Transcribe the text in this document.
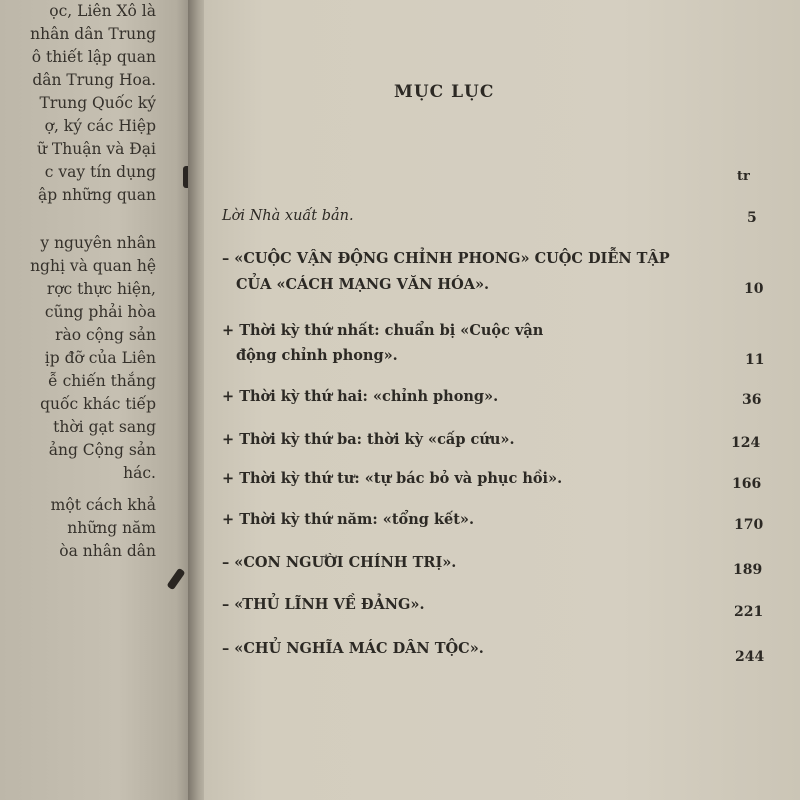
ọc, Liên Xô là

nhân dân Trung

ô thiết lập quan

dân Trung Hoa.

Trung Quốc ký

ợ, ký các Hiệp

ữ Thuận và Đại

c vay tín dụng

ập những quan

y nguyên nhân

nghị và quan hệ

rợc thực hiện,

cũng phải hòa

rào cộng sản

ịp đỡ của Liên

ễ chiến thắng

quốc khác tiếp

thời gạt sang

ảng Cộng sản

hác.

một cách khả

những năm

òa nhân dân

MỤC LỤC

tr

Lời Nhà xuất bản.	5

– «CUỘC VẬN ĐỘNG CHỈNH PHONG» CUỘC DIỄN TẬP

CỦA «CÁCH MẠNG VĂN HÓA».	10

+ Thời kỳ thứ nhất: chuẩn bị «Cuộc vận

động chỉnh phong».	11

+ Thời kỳ thứ hai: «chỉnh phong».	36

+ Thời kỳ thứ ba: thời kỳ «cấp cứu».	124

+ Thời kỳ thứ tư: «tự bác bỏ và phục hồi».	166

+ Thời kỳ thứ năm: «tổng kết».	170

– «CON NGƯỜI CHÍNH TRỊ».	189

– «THỦ LĨNH VỀ ĐẢNG».	221

– «CHỦ NGHĨA MÁC DÂN TỘC».	244
